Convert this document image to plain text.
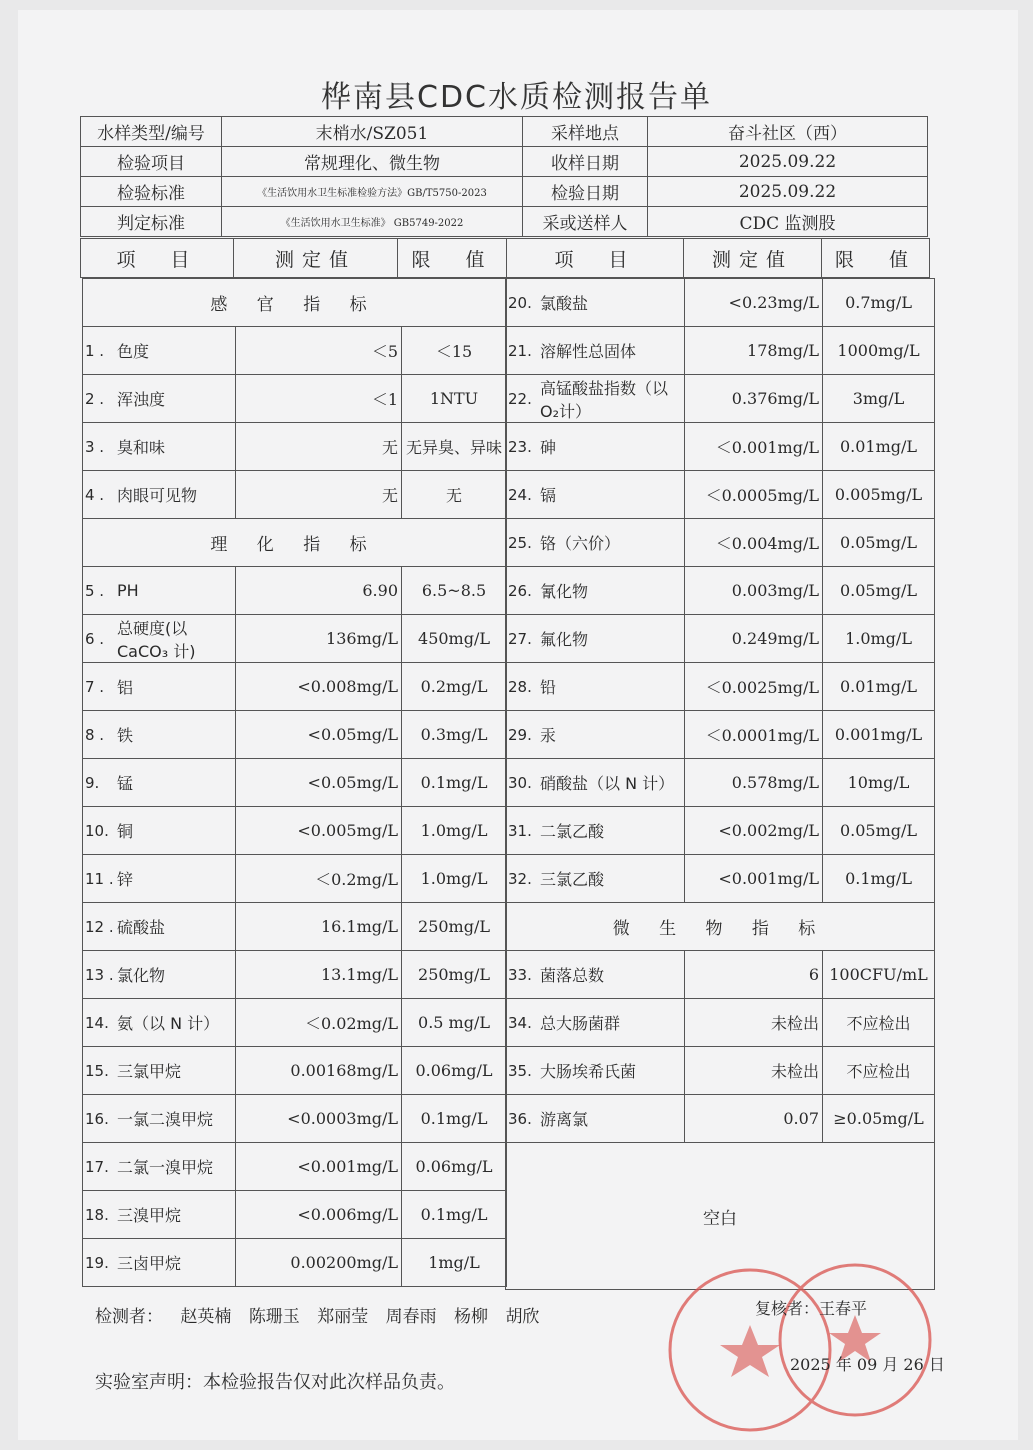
桦南县CDC水质检测报告单
水样类型/编号	末梢水/SZ051	采样地点	奋斗社区（西）
检验项目	常规理化、微生物	收样日期	2025.09.22
检验标准	《生活饮用水卫生标准检验方法》GB/T5750-2023	检验日期	2025.09.22
判定标准	《生活饮用水卫生标准》 GB5749-2022	采或送样人	CDC 监测股
项　目	测定值	限　值	项　目	测定值	限　值
感 官 指 标			
1 .	色度	＜5	＜15
2 .	浑浊度	＜1	1NTU
3 .	臭和味	无	无异臭、异味
4 .	肉眼可见物	无	无
理 化 指 标			
5 .	PH	6.90	6.5~8.5
6 .	总硬度(以 CaCO₃ 计)	136mg/L	450mg/L
7 .	铝	<0.008mg/L	0.2mg/L
8 .	铁	<0.05mg/L	0.3mg/L
9.	锰	<0.05mg/L	0.1mg/L
10.	铜	<0.005mg/L	1.0mg/L
11 .	锌	＜0.2mg/L	1.0mg/L
12 .	硫酸盐	16.1mg/L	250mg/L
13 .	氯化物	13.1mg/L	250mg/L
14.	氨（以 N 计）	＜0.02mg/L	0.5 mg/L
15.	三氯甲烷	0.00168mg/L	0.06mg/L
16.	一氯二溴甲烷	<0.0003mg/L	0.1mg/L
17.	二氯一溴甲烷	<0.001mg/L	0.06mg/L
18.	三溴甲烷	<0.006mg/L	0.1mg/L
19.	三卤甲烷	0.00200mg/L	1mg/L
20.	氯酸盐	<0.23mg/L	0.7mg/L
21.	溶解性总固体	178mg/L	1000mg/L
22.	高锰酸盐指数（以 O₂计）	0.376mg/L	3mg/L
23.	砷	＜0.001mg/L	0.01mg/L
24.	镉	＜0.0005mg/L	0.005mg/L
25.	铬（六价）	＜0.004mg/L	0.05mg/L
26.	氰化物	0.003mg/L	0.05mg/L
27.	氟化物	0.249mg/L	1.0mg/L
28.	铅	＜0.0025mg/L	0.01mg/L
29.	汞	＜0.0001mg/L	0.001mg/L
30.	硝酸盐（以 N 计）	0.578mg/L	10mg/L
31.	二氯乙酸	<0.002mg/L	0.05mg/L
32.	三氯乙酸	<0.001mg/L	0.1mg/L
微 生 物 指 标			
33.	菌落总数	6	100CFU/mL
34.	总大肠菌群	未检出	不应检出
35.	大肠埃希氏菌	未检出	不应检出
36.	游离氯	0.07	≥0.05mg/L
空白			
检测者： 赵英楠 陈珊玉 郑丽莹 周春雨 杨柳 胡欣	复核者：王春平
2025 年 09 月 26 日
实验室声明：本检验报告仅对此次样品负责。
